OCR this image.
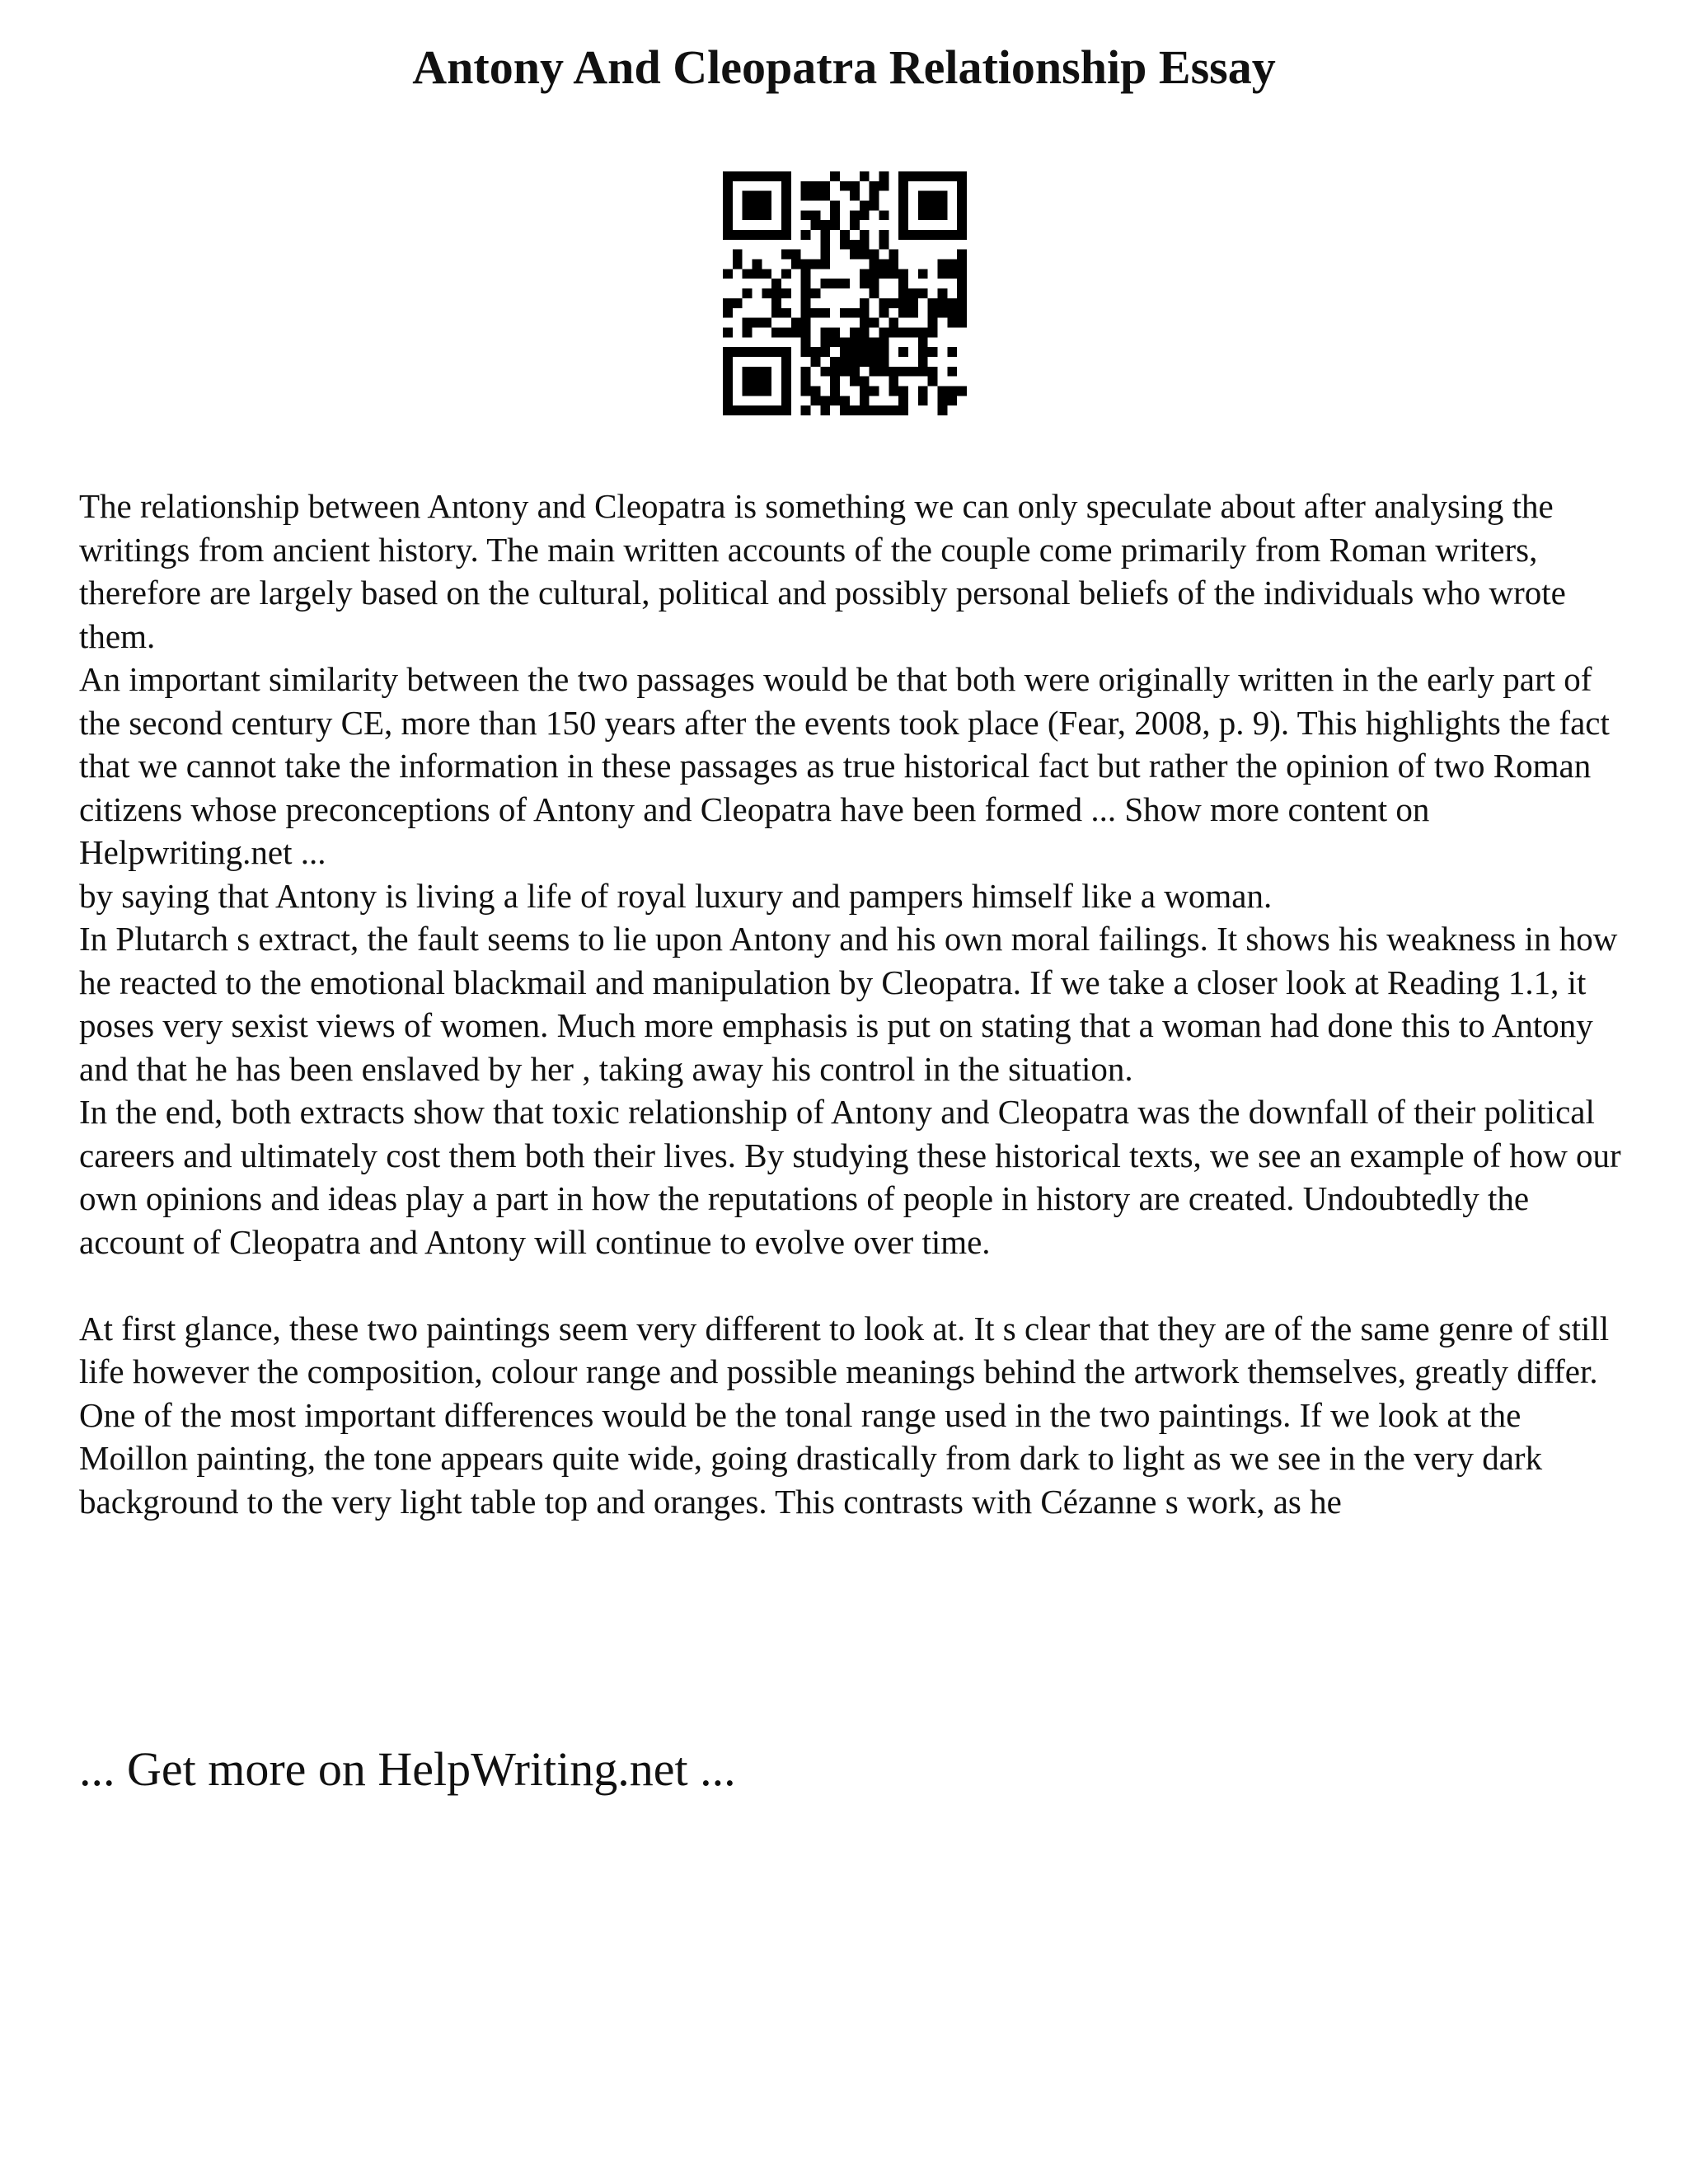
Antony And Cleopatra Relationship Essay

The relationship between Antony and Cleopatra is something we can only speculate about after analysing the writings from ancient history. The main written accounts of the couple come primarily from Roman writers, therefore are largely based on the cultural, political and possibly personal beliefs of the individuals who wrote them.

An important similarity between the two passages would be that both were originally written in the early part of the second century CE, more than 150 years after the events took place (Fear, 2008, p. 9). This highlights the fact that we cannot take the information in these passages as true historical fact but rather the opinion of two Roman citizens whose preconceptions of Antony and Cleopatra have been formed ... Show more content on Helpwriting.net ...

by saying that Antony is living a life of royal luxury and pampers himself like a woman.

In Plutarch s extract, the fault seems to lie upon Antony and his own moral failings. It shows his weakness in how he reacted to the emotional blackmail and manipulation by Cleopatra. If we take a closer look at Reading 1.1, it poses very sexist views of women. Much more emphasis is put on stating that a woman had done this to Antony and that he has been enslaved by her , taking away his control in the situation.

In the end, both extracts show that toxic relationship of Antony and Cleopatra was the downfall of their political careers and ultimately cost them both their lives. By studying these historical texts, we see an example of how our own opinions and ideas play a part in how the reputations of people in history are created. Undoubtedly the account of Cleopatra and Antony will continue to evolve over time.

At first glance, these two paintings seem very different to look at. It s clear that they are of the same genre of still life however the composition, colour range and possible meanings behind the artwork themselves, greatly differ.

One of the most important differences would be the tonal range used in the two paintings. If we look at the Moillon painting, the tone appears quite wide, going drastically from dark to light as we see in the very dark background to the very light table top and oranges. This contrasts with Cézanne s work, as he

... Get more on HelpWriting.net ...
